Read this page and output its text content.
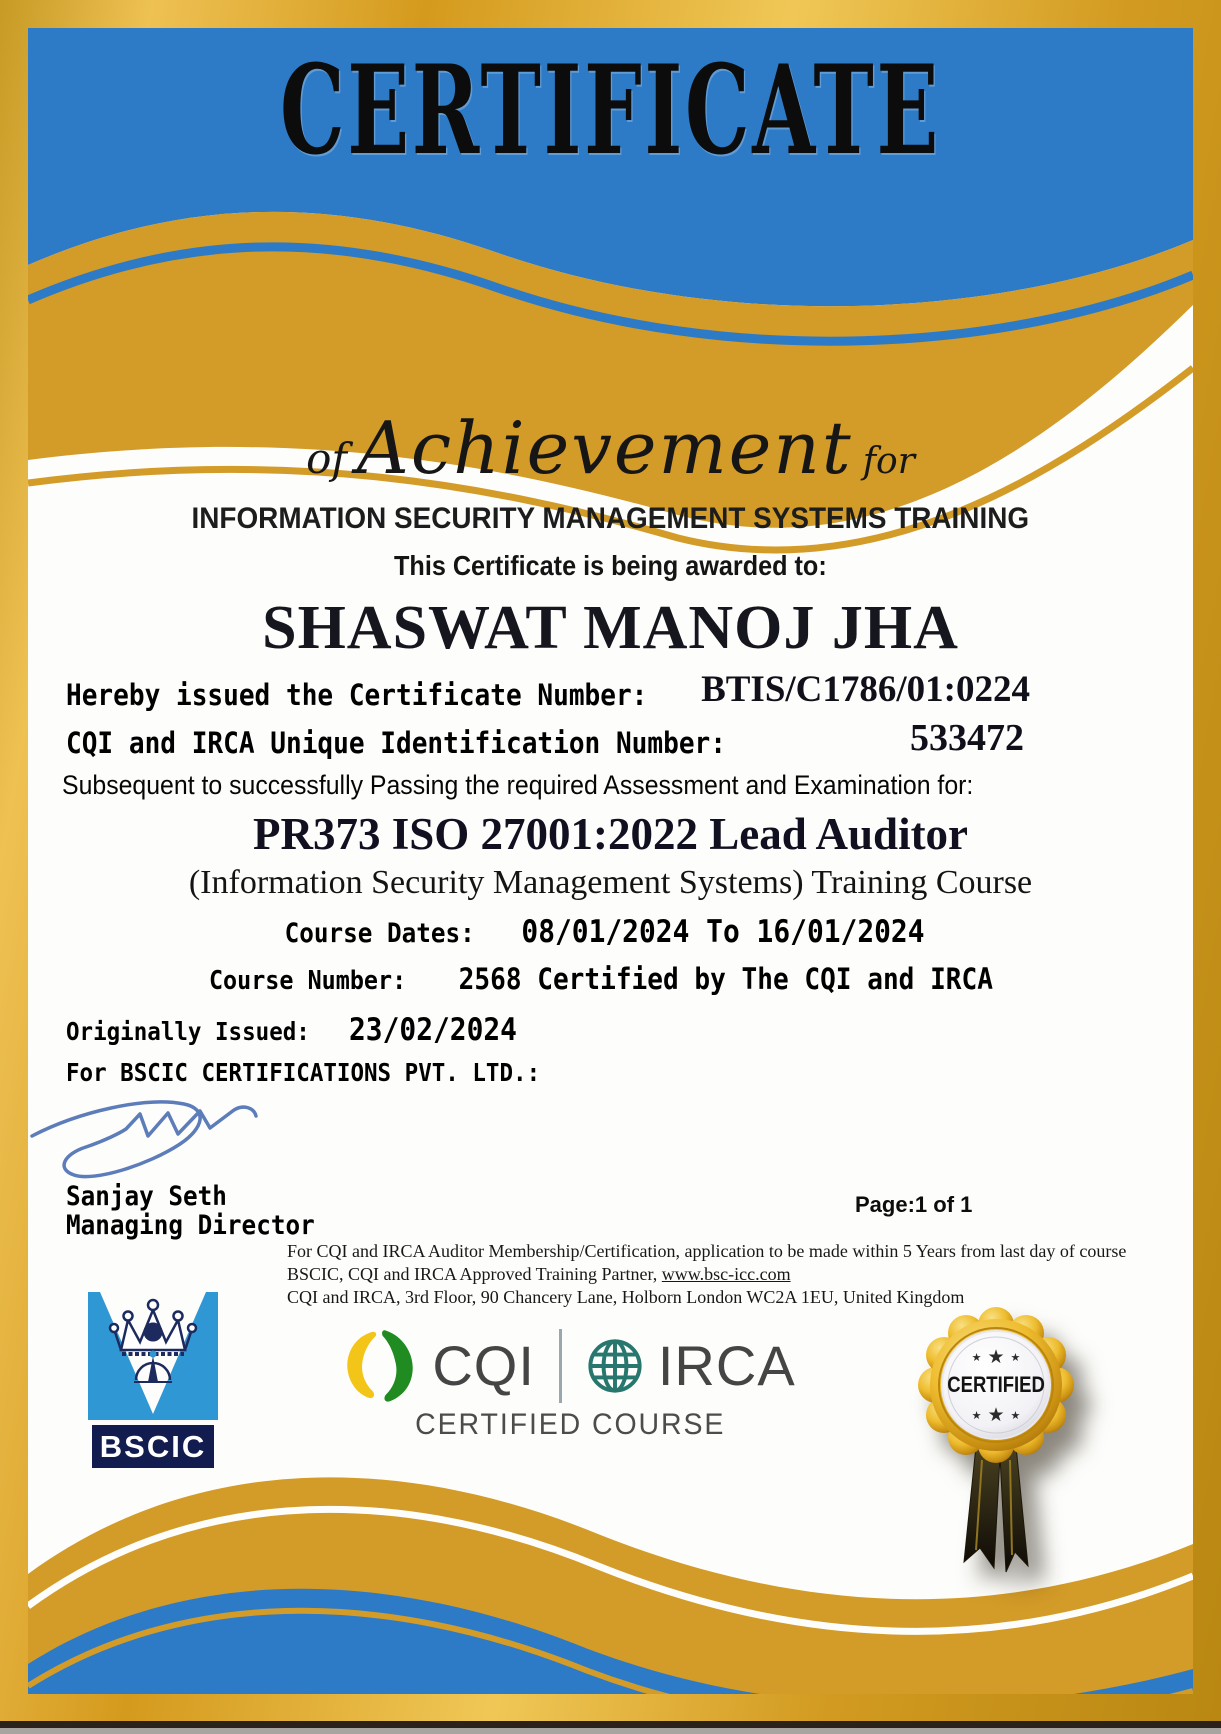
CERTIFICATE
of Achievement for
INFORMATION SECURITY MANAGEMENT SYSTEMS TRAINING
This Certificate is being awarded to:
SHASWAT MANOJ JHA
Hereby issued the Certificate Number:	BTIS/C1786/01:0224
CQI and IRCA Unique Identification Number:	533472
Subsequent to successfully Passing the required Assessment and Examination for:
PR373 ISO 27001:2022 Lead Auditor
(Information Security Management Systems) Training Course
Course Dates: 08/01/2024 To 16/01/2024
Course Number: 2568 Certified by The CQI and IRCA
Originally Issued: 23/02/2024
For BSCIC CERTIFICATIONS PVT. LTD.:
Sanjay Seth
Managing Director
Page:1 of 1
For CQI and IRCA Auditor Membership/Certification, application to be made within 5 Years from last day of course
BSCIC, CQI and IRCA Approved Training Partner, www.bsc-icc.com
CQI and IRCA, 3rd Floor, 90 Chancery Lane, Holborn London WC2A 1EU, United Kingdom
BSCIC
CQI IRCA
CERTIFIED COURSE
★ ★ ★
CERTIFIED
★ ★ ★
